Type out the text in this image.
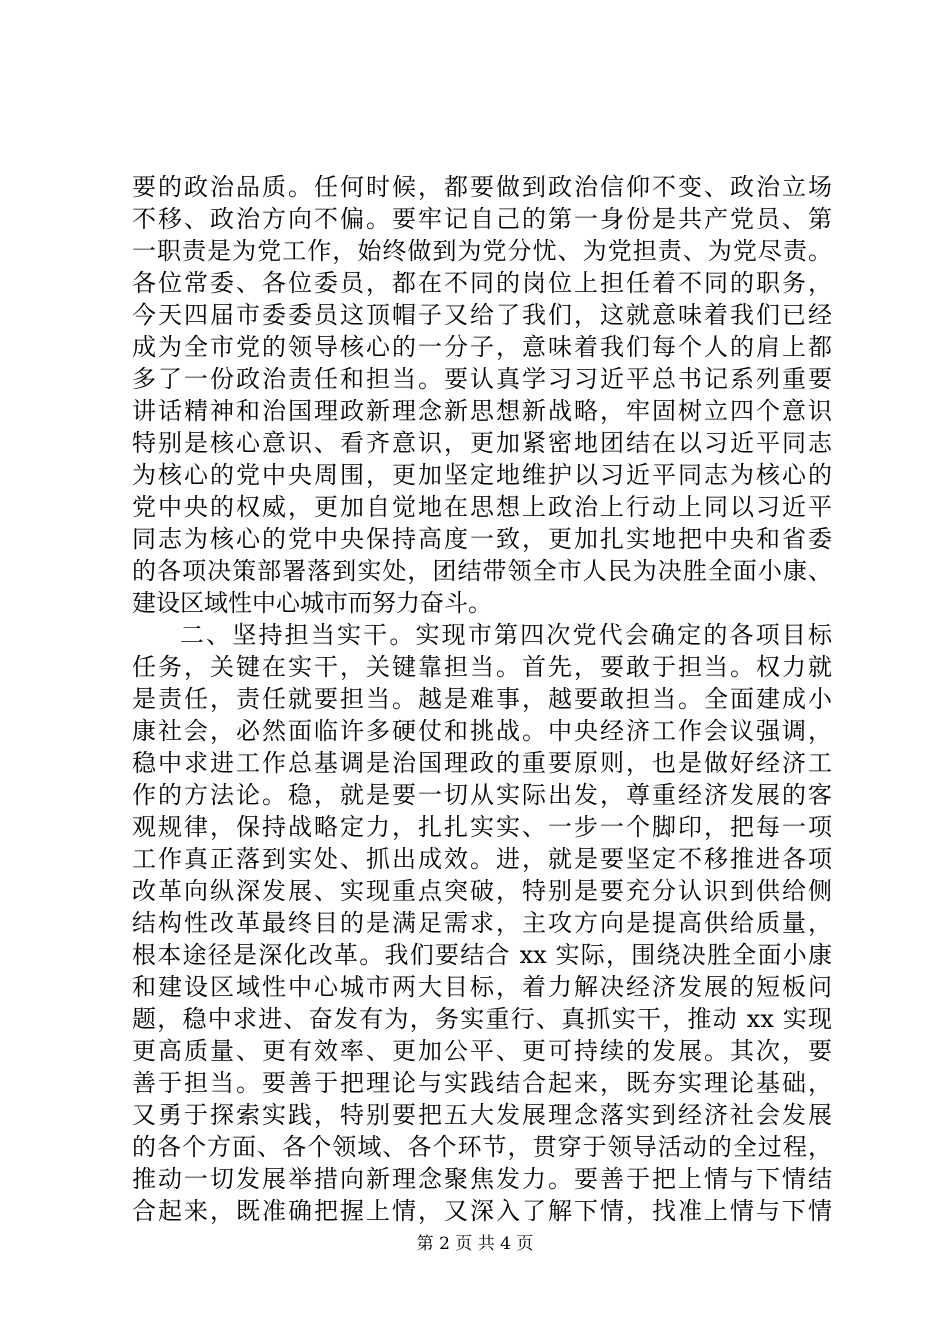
要的政治品质。任何时候，都要做到政治信仰不变、政治立场
不移、政治方向不偏。要牢记自己的第一身份是共产党员、第
一职责是为党工作，始终做到为党分忧、为党担责、为党尽责。
各位常委、各位委员，都在不同的岗位上担任着不同的职务，
今天四届市委委员这顶帽子又给了我们，这就意味着我们已经
成为全市党的领导核心的一分子，意味着我们每个人的肩上都
多了一份政治责任和担当。要认真学习习近平总书记系列重要
讲话精神和治国理政新理念新思想新战略，牢固树立四个意识
特别是核心意识、看齐意识，更加紧密地团结在以习近平同志
为核心的党中央周围，更加坚定地维护以习近平同志为核心的
党中央的权威，更加自觉地在思想上政治上行动上同以习近平
同志为核心的党中央保持高度一致，更加扎实地把中央和省委
的各项决策部署落到实处，团结带领全市人民为决胜全面小康、
建设区域性中心城市而努力奋斗。
二、坚持担当实干。实现市第四次党代会确定的各项目标
任务，关键在实干，关键靠担当。首先，要敢于担当。权力就
是责任，责任就要担当。越是难事，越要敢担当。全面建成小
康社会，必然面临许多硬仗和挑战。中央经济工作会议强调，
稳中求进工作总基调是治国理政的重要原则，也是做好经济工
作的方法论。稳，就是要一切从实际出发，尊重经济发展的客
观规律，保持战略定力，扎扎实实、一步一个脚印，把每一项
工作真正落到实处、抓出成效。进，就是要坚定不移推进各项
改革向纵深发展、实现重点突破，特别是要充分认识到供给侧
结构性改革最终目的是满足需求，主攻方向是提高供给质量，
根本途径是深化改革。我们要结合 xx 实际，围绕决胜全面小康
和建设区域性中心城市两大目标，着力解决经济发展的短板问
题，稳中求进、奋发有为，务实重行、真抓实干，推动 xx 实现
更高质量、更有效率、更加公平、更可持续的发展。其次，要
善于担当。要善于把理论与实践结合起来，既夯实理论基础，
又勇于探索实践，特别要把五大发展理念落实到经济社会发展
的各个方面、各个领域、各个环节，贯穿于领导活动的全过程，
推动一切发展举措向新理念聚焦发力。要善于把上情与下情结
合起来，既准确把握上情，又深入了解下情，找准上情与下情
第 2 页 共 4 页
